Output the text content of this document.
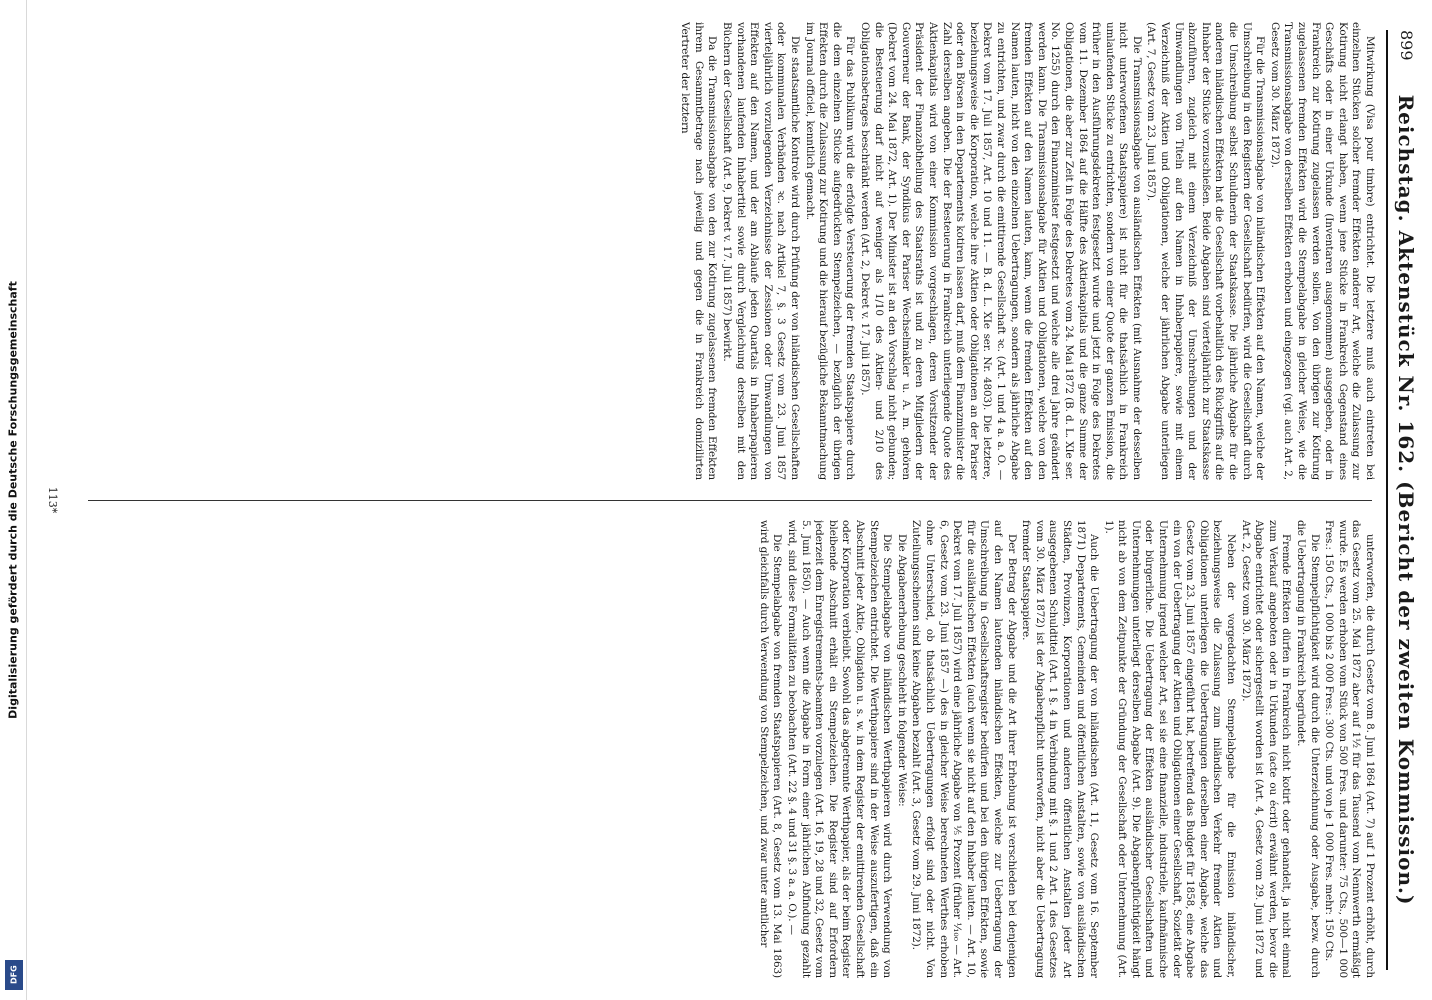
Digitalisierung gefördert durch die Deutsche Forschungsgemeinschaft
DFG
899
Reichstag. Aktenstück Nr. 162. (Bericht der zweiten Kommission.)

Mitwirkung (Visa pour timbre) entrichtet. Die letztere muß auch eintreten bei einzelnen Stücken solcher fremder Effekten anderer Art, welche die Zulassung zur Kotirung nicht erlangt haben, wenn jene Stücke in Frankreich Gegenstand eines Geschäfts oder in einer Urkunde (Inventaren ausgenommen) ausgegeben, oder in Frankreich zur Kotirung zugelassen werden sollen. Von den übrigen zur Kotirung zugelassenen fremden Effekten wird die Stempelabgabe in gleicher Weise, wie die Transmissionsabgabe von derselben Effekten erhoben und eingezogen (vgl. auch Art. 2, Gesetz vom 30. März 1872).

Für die Transmissionsabgabe von inländischen Effekten auf den Namen, welche der Umschreibung in den Registern der Gesellschaft bedürfen, wird die Gesellschaft durch die Umschreibung selbst Schuldnerin der Staatskasse. Die jährliche Abgabe für die anderen inländischen Effekten hat die Gesellschaft vorbehaltlich des Rückgriffs auf die Inhaber der Stücke vorzuschießen. Beide Abgaben sind vierteljährlich zur Staatskasse abzuführen, zugleich mit einem Verzeichniß der Umschreibungen und der Umwandlungen von Titeln auf den Namen in Inhaberpapiere, sowie mit einem Verzeichniß der Aktien und Obligationen, welche der jährlichen Abgabe unterliegen (Art. 7, Gesetz vom 23. Juni 1857).

Die Transmissionsabgabe von ausländischen Effekten (mit Ausnahme der desselben nicht unterworfenen Staatspapiere) ist nicht für die thatsächlich in Frankreich umlaufenden Stücke zu entrichten, sondern von einer Quote der ganzen Emission, die früher in den Ausführungsdekreten festgesetzt wurde und jetzt in Folge des Dekretes vom 11. Dezember 1864 auf die Hälfte des Aktienkapitals und die ganze Summe der Obligationen, die aber zur Zeit in Folge des Dekretes vom 24. Mai 1872 (B. d. L. XIe ser. No. 1255) durch den Finanzminister festgesetzt und welche alle drei Jahre geändert werden kann. Die Transmissionsabgabe für Aktien und Obligationen, welche von den fremden Effekten auf den Namen lauten, kann, wenn die fremden Effekten auf den Namen lauten, nicht von den einzelnen Uebertragungen, sondern als jährliche Abgabe zu entrichten, und zwar durch die emittirende Gesellschaft ꝛc. (Art. 1 und 4 a. a. O. — Dekret vom 17. Juli 1857, Art. 10 und 11. — B. d. L. XIe ser. Nr. 4803). Die letztere, beziehungsweise die Korporation, welche ihre Aktien oder Obligationen an der Pariser oder den Börsen in den Departements kotiren lassen darf, muß dem Finanzminister die Zahl derselben angeben. Die der Besteuerung in Frankreich unterliegende Quote des Aktienkapitals wird von einer Kommission vorgeschlagen, deren Vorsitzender der Präsident der Finanzabtheilung des Staatsraths ist und zu deren Mitgliedern der Gouverneur der Bank, der Syndikus der Pariser Wechselmakler u. A. m. gehören (Dekret vom 24. Mai 1872, Art. 1). Der Minister ist an den Vorschlag nicht gebunden; die Besteuerung darf nicht auf weniger als 1/10 des Aktien- und 2/10 des Obligationsbetrages beschränkt werden (Art. 2, Dekret v. 17. Juli 1857).

Für das Publikum wird die erfolgte Versteuerung der fremden Staatspapiere durch die dem einzelnen Stücke aufgedrückten Stempelzeichen, — bezüglich der übrigen Effekten durch die Zulassung zur Kotirung und die hierauf bezügliche Bekanntmachung im Journal officiel, kenntlich gemacht.

Die staatsamtliche Kontrole wird durch Prüfung der von inländischen Gesellschaften oder kommunalen Verbänden ꝛc. nach Artikel 7, §. 3 Gesetz vom 23. Juni 1857 vierteljährlich vorzulegenden Verzeichnisse der Zessionen oder Umwandlungen von Effekten auf den Namen, und der am Ablaufe jeden Quartals in Inhaberpapieren vorhandenen laufenden Inhabertitel sowie durch Vergleichung derselben mit den Büchern der Gesellschaft (Art. 9, Dekret v. 17. Juli 1857) bewirkt.

Da die Transmissionsabgabe von den zur Kotirung zugelassenen fremden Effekten ihrem Gesammtbetrage nach jeweilig und gegen die in Frankreich domizilirten Vertreter der letztern

unterworfen, die durch Gesetz vom 8. Juni 1864 (Art. 7) auf 1 Prozent erhöht, durch das Gesetz vom 25. Mai 1872 aber auf 1½ für das Tausend vom Nennwerth ermäßigt wurde. Es werden erhoben vom Stück von 500 Fres. und darunter: 75 Cts., 500—1 000 Fres.: 150 Cts., 1 000 bis 2 000 Fres.: 300 Cts. und von je 1 000 Fres. mehr: 150 Cts.

Die Stempelpflichtigkeit wird durch die Unterzeichnung oder Ausgabe, bezw. durch die Uebertragung in Frankreich begründet.

Fremde Effekten dürfen in Frankreich nicht kotirt oder gehandelt, ja nicht einmal zum Verkauf angeboten oder in Urkunden (acte ou écrit) erwähnt werden, bevor die Abgabe entrichtet oder sichergestellt worden ist (Art. 4, Gesetz vom 29. Juni 1872 und Art. 2, Gesetz vom 30. März 1872).

Neben der vorgedachten Stempelabgabe für die Emission inländischer, beziehungsweise die Zulassung zum inländischen Verkehr fremder Aktien und Obligationen unterliegen die Uebertragungen derselben einer Abgabe, welche das Gesetz vom 23. Juni 1857 eingeführt hat, betreffend das Budget für 1858, eine Abgabe ein von der Uebertragung der Aktien und Obligationen einer Gesellschaft, Sozietät oder Unternehmung irgend welcher Art, sei sie eine finanzielle, industrielle, kaufmännische oder bürgerliche. Die Uebertragung der Effekten ausländischer Gesellschaften und Unternehmungen unterliegt derselben Abgabe (Art. 9). Die Abgabenpflichtigkeit hängt nicht ab von dem Zeitpunkte der Gründung der Gesellschaft oder Unternehmung (Art. 1).

Auch die Uebertragung der von inländischen (Art. 11, Gesetz vom 16. September 1871) Departements, Gemeinden und öffentlichen Anstalten, sowie von ausländischen Städten, Provinzen, Korporationen und anderen öffentlichen Anstalten jeder Art ausgegebenen Schuldtitel (Art. 1 §. 4 in Verbindung mit §. 1 und 2 Art. 1 des Gesetzes vom 30. März 1872) ist der Abgabenpflicht unterworfen, nicht aber die Uebertragung fremder Staatspapiere.

Der Betrag der Abgabe und die Art ihrer Erhebung ist verschieden bei denjenigen auf den Namen lautenden inländischen Effekten, welche zur Uebertragung der Umschreibung in Gesellschaftsregister bedürfen und bei den übrigen Effekten, sowie für die ausländischen Effekten (auch wenn sie nicht auf den Inhaber lauten. — Art. 10, Dekret vom 17. Juli 1857) wird eine jährliche Abgabe von ⅕ Prozent (früher ⅒₀ — Art. 6, Gesetz vom 23. Juni 1857 —) des in gleicher Weise berechneten Werthes erhoben ohne Unterschied, ob thatsächlich Uebertragungen erfolgt sind oder nicht. Von Zuteilungsscheinen sind keine Abgaben bezahlt (Art. 3, Gesetz vom 29. Juni 1872).

Die Abgabenerhebung geschieht in folgender Weise:

Die Stempelabgabe von inländischen Werthpapieren wird durch Verwendung von Stempelzeichen entrichtet. Die Werthpapiere sind in der Weise auszufertigen, daß ein Abschnitt jeder Aktie, Obligation u. s. w. in dem Register der emittirenden Gesellschaft oder Korporation verbleibt. Sowohl das abgetrennte Werthpapier, als der beim Register bleibende Abschnitt erhält ein Stempelzeichen. Die Register sind auf Erfordern jederzeit dem Enregistrements-beamten vorzulegen (Art. 16, 19, 28 und 32, Gesetz vom 5. Juni 1850). — Auch wenn die Abgabe in Form einer jährlichen Abfindung gezahlt wird, sind diese Formalitäten zu beobachten (Art. 22 §. 4 und 31 §. 3 a. a. O.). —

Die Stempelabgabe von fremden Staatspapieren (Art. 8, Gesetz vom 13. Mai 1863) wird gleichfalls durch Verwendung von Stempelzeichen, und zwar unter amtlicher

113*
